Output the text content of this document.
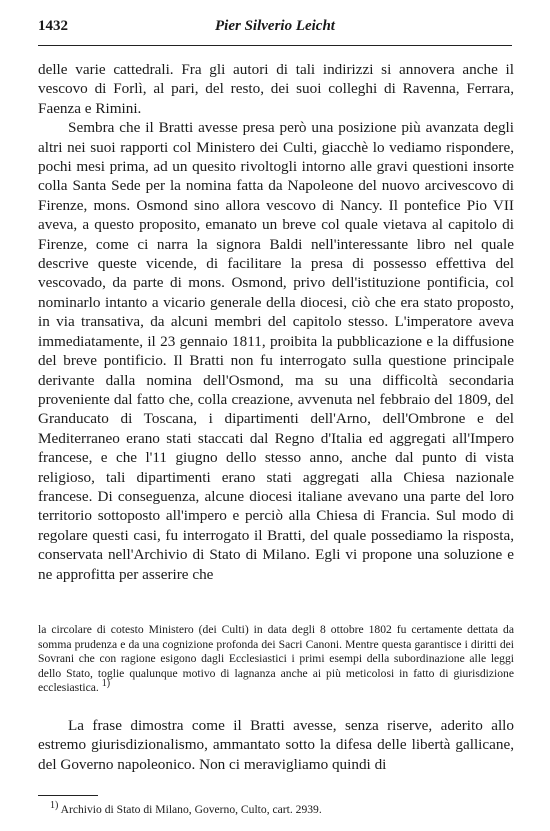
1432	Pier Silverio Leicht

delle varie cattedrali. Fra gli autori di tali indirizzi si annovera anche il vescovo di Forlì, al pari, del resto, dei suoi colleghi di Ravenna, Ferrara, Faenza e Rimini.

Sembra che il Bratti avesse presa però una posizione più avanzata degli altri nei suoi rapporti col Ministero dei Culti, giacchè lo vediamo rispondere, pochi mesi prima, ad un quesito rivoltogli intorno alle gravi questioni insorte colla Santa Sede per la nomina fatta da Napoleone del nuovo arcivescovo di Firenze, mons. Osmond sino allora vescovo di Nancy. Il pontefice Pio VII aveva, a questo proposito, emanato un breve col quale vietava al capitolo di Firenze, come ci narra la signora Baldi nell'interessante libro nel quale descrive queste vicende, di facilitare la presa di possesso effettiva del vescovado, da parte di mons. Osmond, privo dell'istituzione pontificia, col nominarlo intanto a vicario generale della diocesi, ciò che era stato proposto, in via transativa, da alcuni membri del capitolo stesso. L'imperatore aveva immediatamente, il 23 gennaio 1811, proibita la pubblicazione e la diffusione del breve pontificio. Il Bratti non fu interrogato sulla questione principale derivante dalla nomina dell'Osmond, ma su una difficoltà secondaria proveniente dal fatto che, colla creazione, avvenuta nel febbraio del 1809, del Granducato di Toscana, i dipartimenti dell'Arno, dell'Ombrone e del Mediterraneo erano stati staccati dal Regno d'Italia ed aggregati all'Impero francese, e che l'11 giugno dello stesso anno, anche dal punto di vista religioso, tali dipartimenti erano stati aggregati alla Chiesa nazionale francese. Di conseguenza, alcune diocesi italiane avevano una parte del loro territorio sottoposto all'impero e perciò alla Chiesa di Francia. Sul modo di regolare questi casi, fu interrogato il Bratti, del quale possediamo la risposta, conservata nell'Archivio di Stato di Milano. Egli vi propone una soluzione e ne approfitta per asserire che

la circolare di cotesto Ministero (dei Culti) in data degli 8 ottobre 1802 fu certamente dettata da somma prudenza e da una cognizione profonda dei Sacri Canoni. Mentre questa garantisce i diritti dei Sovrani che con ragione esigono dagli Ecclesiastici i primi esempi della subordinazione alle leggi dello Stato, toglie qualunque motivo di lagnanza anche ai più meticolosi in fatto di giurisdizione ecclesiastica. 1)

La frase dimostra come il Bratti avesse, senza riserve, aderito allo estremo giurisdizionalismo, ammantato sotto la difesa delle libertà gallicane, del Governo napoleonico. Non ci meravigliamo quindi di

1) Archivio di Stato di Milano, Governo, Culto, cart. 2939.
